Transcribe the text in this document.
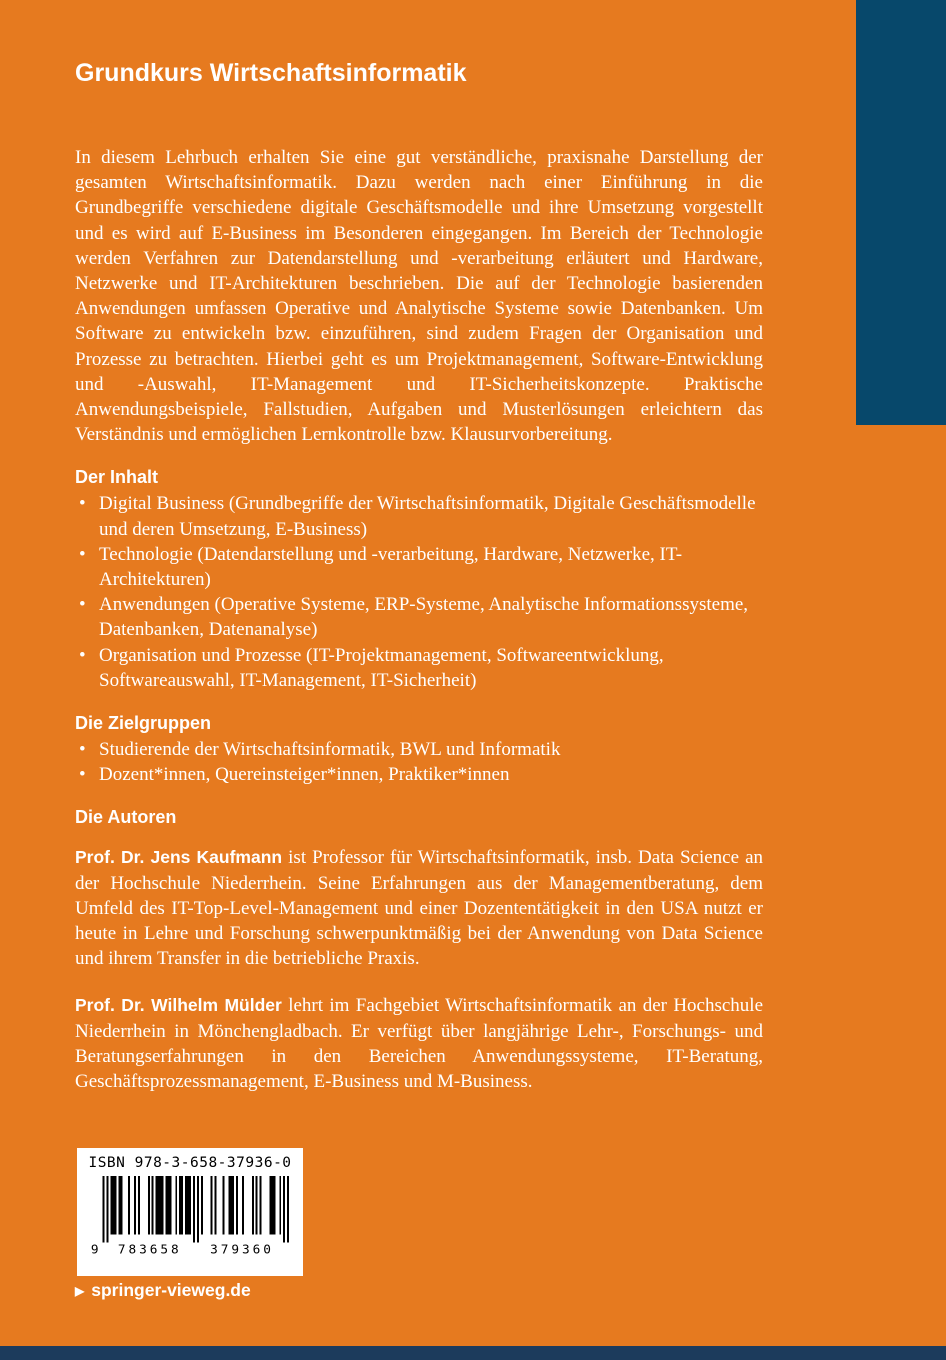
Grundkurs Wirtschaftsinformatik

In diesem Lehrbuch erhalten Sie eine gut verständliche, praxisnahe Darstellung der gesamten Wirtschaftsinformatik. Dazu werden nach einer Einführung in die Grundbegriffe verschiedene digitale Geschäftsmodelle und ihre Umsetzung vorgestellt und es wird auf E-Business im Besonderen eingegangen. Im Bereich der Technologie werden Verfahren zur Datendarstellung und -verarbeitung erläutert und Hardware, Netzwerke und IT-Architekturen beschrieben. Die auf der Technologie basierenden Anwendungen umfassen Operative und Analytische Systeme sowie Datenbanken. Um Software zu entwickeln bzw. einzuführen, sind zudem Fragen der Organisation und Prozesse zu betrachten. Hierbei geht es um Projektmanagement, Software-Entwicklung und -Auswahl, IT-Management und IT-Sicherheitskonzepte. Praktische Anwendungsbeispiele, Fallstudien, Aufgaben und Musterlösungen erleichtern das Verständnis und ermöglichen Lernkontrolle bzw. Klausurvorbereitung.

Der Inhalt
• Digital Business (Grundbegriffe der Wirtschaftsinformatik, Digitale Geschäftsmodelle und deren Umsetzung, E-Business)
• Technologie (Datendarstellung und -verarbeitung, Hardware, Netzwerke, IT-Architekturen)
• Anwendungen (Operative Systeme, ERP-Systeme, Analytische Informationssysteme, Datenbanken, Datenanalyse)
• Organisation und Prozesse (IT-Projektmanagement, Softwareentwicklung, Softwareauswahl, IT-Management, IT-Sicherheit)
Die Zielgruppen
• Studierende der Wirtschaftsinformatik, BWL und Informatik
• Dozent*innen, Quereinsteiger*innen, Praktiker*innen
Die Autoren

Prof. Dr. Jens Kaufmann ist Professor für Wirtschaftsinformatik, insb. Data Science an der Hochschule Niederrhein. Seine Erfahrungen aus der Managementberatung, dem Umfeld des IT-Top-Level-Management und einer Dozententätigkeit in den USA nutzt er heute in Lehre und Forschung schwerpunktmäßig bei der Anwendung von Data Science und ihrem Transfer in die betriebliche Praxis.

Prof. Dr. Wilhelm Mülder lehrt im Fachgebiet Wirtschaftsinformatik an der Hochschule Niederrhein in Mönchengladbach. Er verfügt über langjährige Lehr-, Forschungs- und Beratungserfahrungen in den Bereichen Anwendungssysteme, IT-Beratung, Geschäftsprozessmanagement, E-Business und M-Business.

ISBN 978-3-658-37936-0
9 783658 379360
▶ springer-vieweg.de
